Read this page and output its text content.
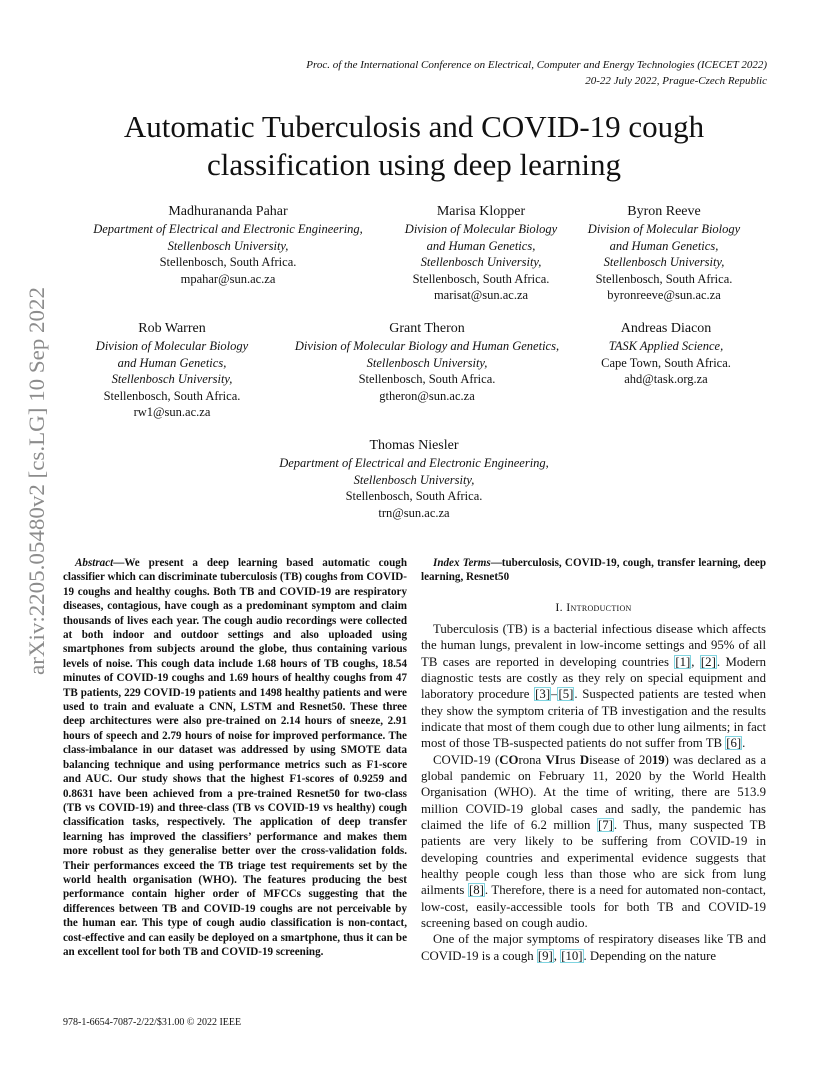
Proc. of the International Conference on Electrical, Computer and Energy Technologies (ICECET 2022)
20-22 July 2022, Prague-Czech Republic
arXiv:2205.05480v2 [cs.LG] 10 Sep 2022
Automatic Tuberculosis and COVID-19 cough
classification using deep learning
Madhurananda Pahar
Department of Electrical and Electronic Engineering,
Stellenbosch University,
Stellenbosch, South Africa.
mpahar@sun.ac.za
Marisa Klopper
Division of Molecular Biology
and Human Genetics,
Stellenbosch University,
Stellenbosch, South Africa.
marisat@sun.ac.za
Byron Reeve
Division of Molecular Biology
and Human Genetics,
Stellenbosch University,
Stellenbosch, South Africa.
byronreeve@sun.ac.za
Rob Warren
Division of Molecular Biology
and Human Genetics,
Stellenbosch University,
Stellenbosch, South Africa.
rw1@sun.ac.za
Grant Theron
Division of Molecular Biology and Human Genetics,
Stellenbosch University,
Stellenbosch, South Africa.
gtheron@sun.ac.za
Andreas Diacon
TASK Applied Science,
Cape Town, South Africa.
ahd@task.org.za
Thomas Niesler
Department of Electrical and Electronic Engineering,
Stellenbosch University,
Stellenbosch, South Africa.
trn@sun.ac.za
Abstract—We present a deep learning based automatic cough classifier which can discriminate tuberculosis (TB) coughs from COVID-19 coughs and healthy coughs. Both TB and COVID-19 are respiratory diseases, contagious, have cough as a predominant symptom and claim thousands of lives each year. The cough audio recordings were collected at both indoor and outdoor settings and also uploaded using smartphones from subjects around the globe, thus containing various levels of noise. This cough data include 1.68 hours of TB coughs, 18.54 minutes of COVID-19 coughs and 1.69 hours of healthy coughs from 47 TB patients, 229 COVID-19 patients and 1498 healthy patients and were used to train and evaluate a CNN, LSTM and Resnet50. These three deep architectures were also pre-trained on 2.14 hours of sneeze, 2.91 hours of speech and 2.79 hours of noise for improved performance. The class-imbalance in our dataset was addressed by using SMOTE data balancing technique and using performance metrics such as F1-score and AUC. Our study shows that the highest F1-scores of 0.9259 and 0.8631 have been achieved from a pre-trained Resnet50 for two-class (TB vs COVID-19) and three-class (TB vs COVID-19 vs healthy) cough classification tasks, respectively. The application of deep transfer learning has improved the classifiers’ performance and makes them more robust as they generalise better over the cross-validation folds. Their performances exceed the TB triage test requirements set by the world health organisation (WHO). The features producing the best performance contain higher order of MFCCs suggesting that the differences between TB and COVID-19 coughs are not perceivable by the human ear. This type of cough audio classification is non-contact, cost-effective and can easily be deployed on a smartphone, thus it can be an excellent tool for both TB and COVID-19 screening.
Index Terms—tuberculosis, COVID-19, cough, transfer learning, deep learning, Resnet50
I. Introduction

Tuberculosis (TB) is a bacterial infectious disease which affects the human lungs, prevalent in low-income settings and 95% of all TB cases are reported in developing countries [1], [2]. Modern diagnostic tests are costly as they rely on special equipment and laboratory procedure [3]–[5]. Suspected patients are tested when they show the symptom criteria of TB investigation and the results indicate that most of them cough due to other lung ailments; in fact most of those TB-suspected patients do not suffer from TB [6].

COVID-19 (COrona VIrus Disease of 2019) was declared as a global pandemic on February 11, 2020 by the World Health Organisation (WHO). At the time of writing, there are 513.9 million COVID-19 global cases and sadly, the pandemic has claimed the life of 6.2 million [7]. Thus, many suspected TB patients are very likely to be suffering from COVID-19 in developing countries and experimental evidence suggests that healthy people cough less than those who are sick from lung ailments [8]. Therefore, there is a need for automated non-contact, low-cost, easily-accessible tools for both TB and COVID-19 screening based on cough audio.

One of the major symptoms of respiratory diseases like TB and COVID-19 is a cough [9], [10]. Depending on the nature

978-1-6654-7087-2/22/$31.00 © 2022 IEEE
